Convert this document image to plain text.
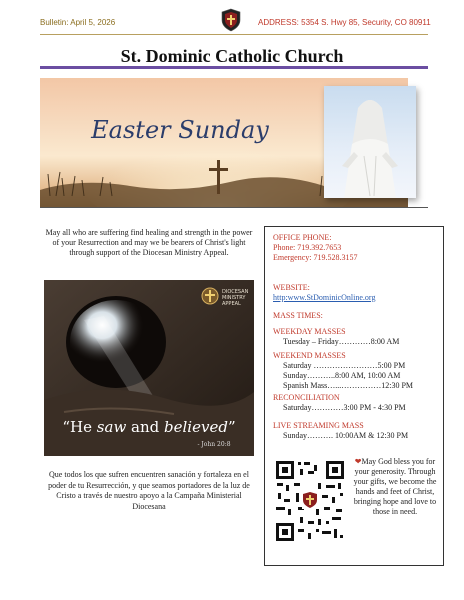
Bulletin: April 5, 2026	ADDRESS: 5354 S. Hwy 85, Security, CO 80911
St. Dominic Catholic Church
Easter Sunday
May all who are suffering find healing and strength in the power of your Resurrection and may we be bearers of Christ's light through support of the Diocesan Ministry Appeal.
DIOCESAN
MINISTRY
APPEAL
“He saw and believed”
- John 20:8
Que todos los que sufren encuentren sanación y fortaleza en el poder de tu Resurrección, y que seamos portadores de la luz de Cristo a través de nuestro apoyo a la Campaña Ministerial Diocesana
OFFICE PHONE:
Phone: 719.392.7653
Emergency: 719.528.3157
WEBSITE:
http:www.StDominicOnline.org
MASS TIMES:
WEEKDAY MASSES
Tuesday – Friday…………8:00 AM
WEEKEND MASSES
Saturday ……………………5:00 PM
Sunday………..8:00 AM, 10:00 AM
Spanish Mass…...……………12:30 PM
RECONCILIATION
Saturday…………3:00 PM - 4:30 PM
LIVE STREAMING MASS
Sunday………. 10:00AM & 12:30 PM
❤May God bless you for your generosity. Through your gifts, we become the hands and feet of Christ, bringing hope and love to those in need.
